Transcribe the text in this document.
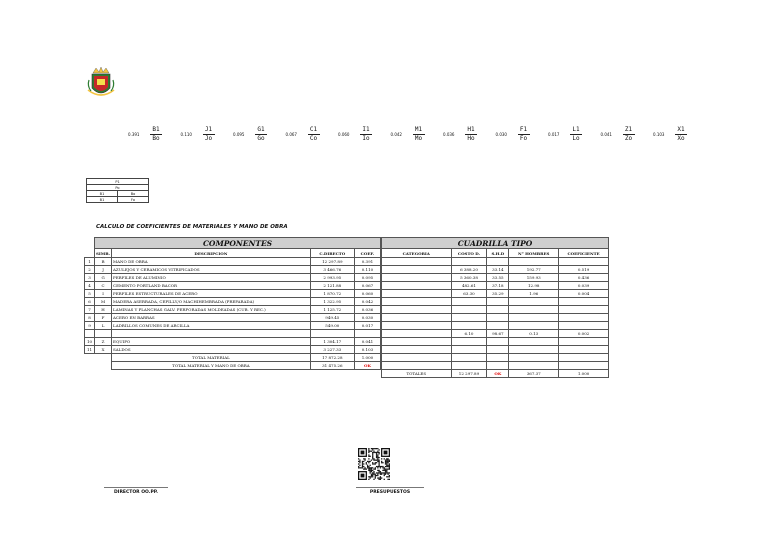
$0.391 \frac{B1}{Bo}$	$0.110 \frac{J1}{Jo}$	$0.095 \frac{G1}{Go}$	$0.067 \frac{C1}{Co}$	$0.060 \frac{I1}{Io}$	$0.042 \frac{M1}{Mo}$	$0.036 \frac{H1}{Ho}$	$0.030 \frac{F1}{Fo}$	$0.017 \frac{L1}{Lo}$	$0.041 \frac{Z1}{Zo}$	$0.103 \frac{X1}{Xo}$
P1	
Po	
B1	Bo
B1	Fo
CALCULO DE COEFICIENTES DE MATERIALES Y MANO DE OBRA
	COMPONENTES			
	SIMB.	DESCRIPCION	C.DIRECTO	COEF.
1	B	MANO DE OBRA	12 297.89	0.391
2	J	AZULEJOS Y CERAMICOS VITRIFICADOS	3 466.76	0.110
3	G	PERFILES DE ALUMINIO	2 993.95	0.095
4	C	CEMENTO PORTLAND BACOR	2 121.88	0.067
5	I	PERFILES ESTRUCTURALES DE ACERO	1 870.72	0.060
6	M	MADERA ASERRADA, CEPILLY/O MACHIHEMBRADA (PREPARADA)	1 322.95	0.042
7	H	LAMINAS Y PLANCHAS GALV. PERFORADAS MOLDEADAS (CUB. Y REC.)	1 125.72	0.036
8	F	ACERO EN BARRAS	949.45	0.030
9	L	LADRILLOS COMUNES DE ARCILLA	549.00	0.017

10	Z	EQUIPO	1 304.17	0.041
11	X	SALDOS	3 227.33	0.103
		TOTAL MATERIAL	17 872.28	1.000
		TOTAL MATERIAL Y MANO DE OBRA	31 475.26	OK
CUADRILLA TIPO				
CATEGORIA	COSTO D.	S.H.D	N° HOMBRES	COEFICIENTE

	6 388.20	33.14	192.77	0.519
	5 360.38	33.55	159.93	0.436
	482.61	37.18	12.98	0.039
	63.30	35.29	1.96	0.004

	6.10	98.67	0.13	0.002

TOTALES	12 297.89	OK	367.37	1.000
DIRECTOR OO.PP.	PRESUPUESTOS
